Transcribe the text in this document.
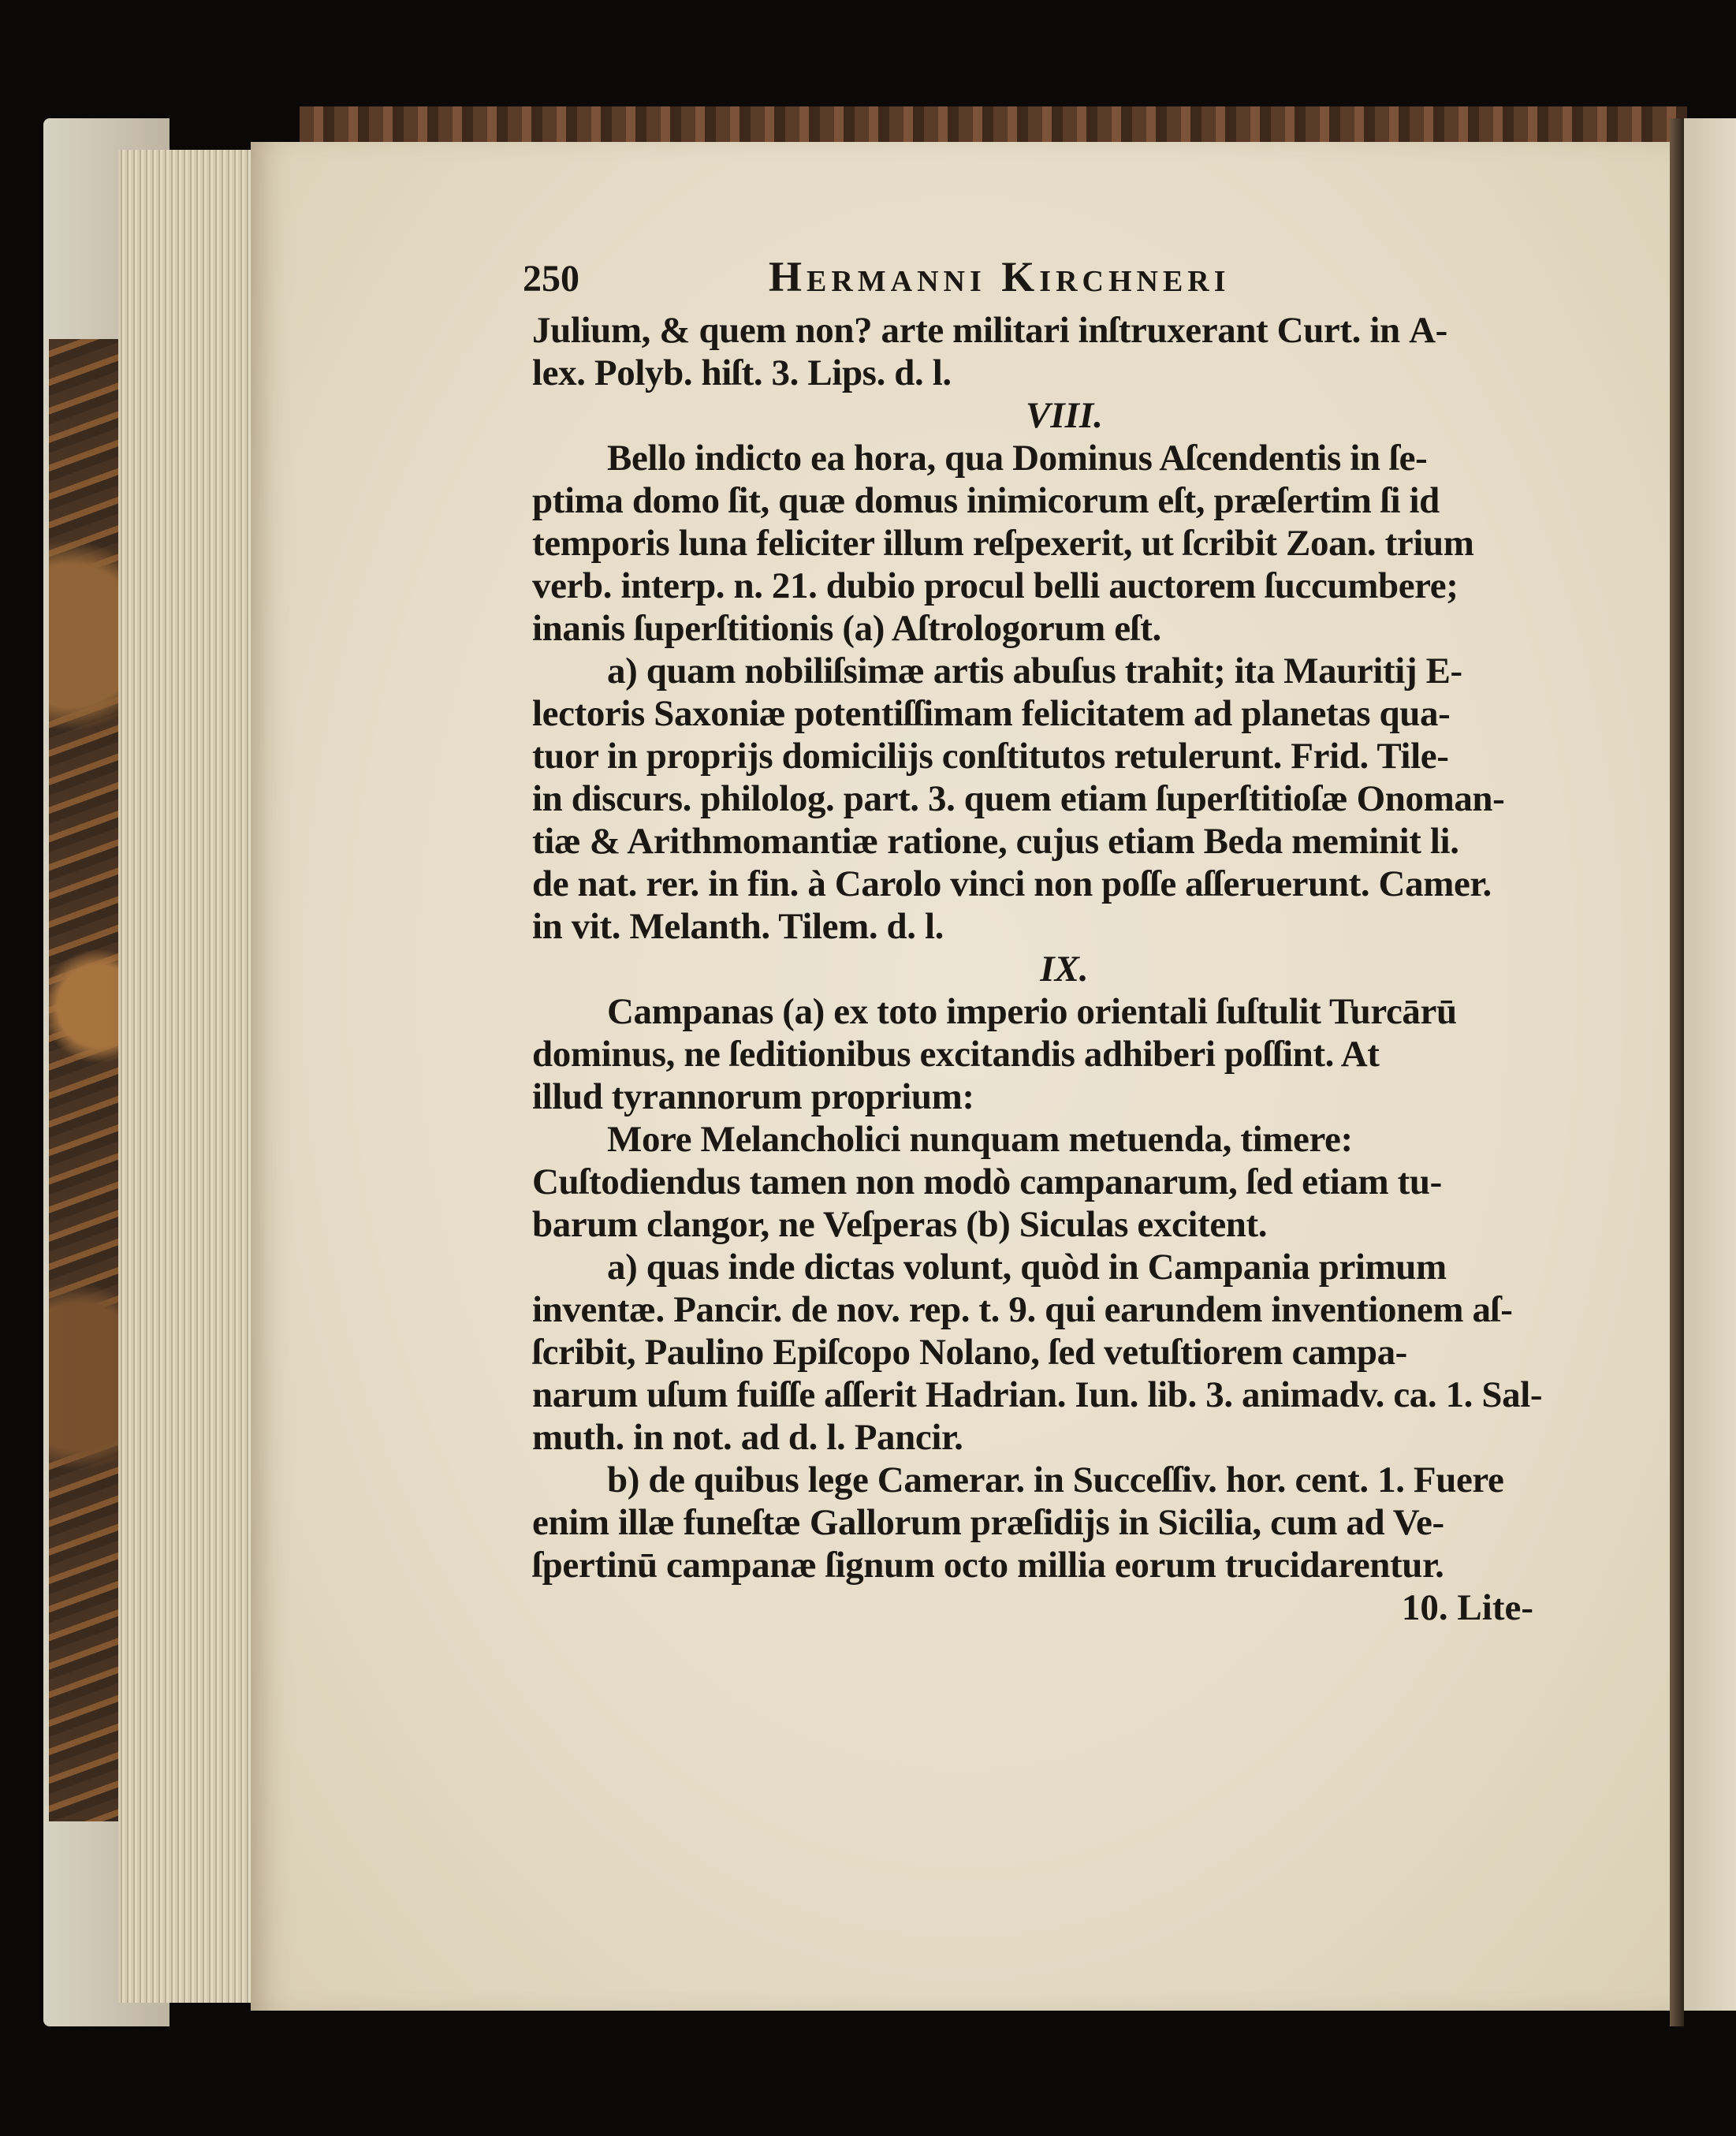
250	Hermanni Kirchneri
Julium, & quem non? arte militari inſtruxerant Curt. in Α-
lex. Polyb. hiſt. 3. Lips. d. l.
VIII.
Bello indicto ea hora, qua Dominus Aſcendentis in ſe-
ptima domo ſit, quæ domus inimicorum eſt, præſertim ſi id
temporis luna feliciter illum reſpexerit, ut ſcribit Zoan. trium
verb. interp. n. 21. dubio procul belli auctorem ſuccumbere;
inanis ſuperſtitionis (a) Aſtrologorum eſt.
a) quam nobiliſsimæ artis abuſus trahit; ita Mauritij E-
lectoris Saxoniæ potentiſſimam felicitatem ad planetas qua-
tuor in proprijs domicilijs conſtitutos retulerunt. Frid. Tile-
in discurs. philolog. part. 3. quem etiam ſuperſtitioſæ Onoman-
tiæ & Arithmomantiæ ratione, cujus etiam Beda meminit li.
de nat. rer. in fin. à Carolo vinci non poſſe aſſeruerunt. Camer.
in vit. Melanth. Tilem. d. l.
IX.
Campanas (a) ex toto imperio orientali ſuſtulit Turcārū
dominus, ne ſeditionibus excitandis adhiberi poſſint. At
illud tyrannorum proprium:
More Melancholici nunquam metuenda, timere:
Cuſtodiendus tamen non modò campanarum, ſed etiam tu-
barum clangor, ne Veſperas (b) Siculas excitent.
a) quas inde dictas volunt, quòd in Campania primum
inventæ. Pancir. de nov. rep. t. 9. qui earundem inventionem aſ-
ſcribit, Paulino Epiſcopo Nolano, ſed vetuſtiorem campa-
narum uſum fuiſſe aſſerit Hadrian. Iun. lib. 3. animadv. ca. 1. Sal-
muth. in not. ad d. l. Pancir.
b) de quibus lege Camerar. in Succeſſiv. hor. cent. 1. Fuere
enim illæ funeſtæ Gallorum præſidijs in Sicilia, cum ad Ve-
ſpertinū campanæ ſignum octo millia eorum trucidarentur.
10. Lite-
